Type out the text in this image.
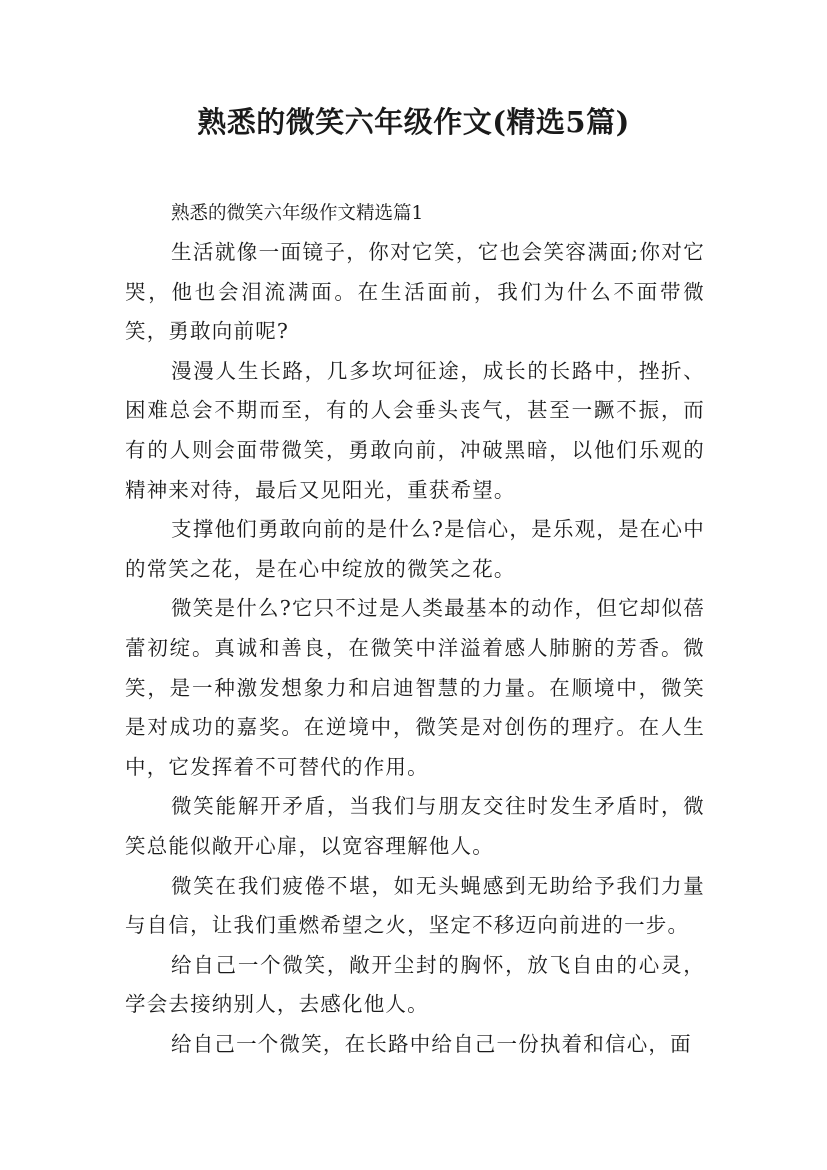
熟悉的微笑六年级作文(精选5篇)
熟悉的微笑六年级作文精选篇1

生活就像一面镜子，你对它笑，它也会笑容满面;你对它哭，他也会泪流满面。在生活面前，我们为什么不面带微笑，勇敢向前呢?

漫漫人生长路，几多坎坷征途，成长的长路中，挫折、困难总会不期而至，有的人会垂头丧气，甚至一蹶不振，而有的人则会面带微笑，勇敢向前，冲破黑暗，以他们乐观的精神来对待，最后又见阳光，重获希望。

支撑他们勇敢向前的是什么?是信心，是乐观，是在心中的常笑之花，是在心中绽放的微笑之花。

微笑是什么?它只不过是人类最基本的动作，但它却似蓓蕾初绽。真诚和善良，在微笑中洋溢着感人肺腑的芳香。微笑，是一种激发想象力和启迪智慧的力量。在顺境中，微笑是对成功的嘉奖。在逆境中，微笑是对创伤的理疗。在人生中，它发挥着不可替代的作用。

微笑能解开矛盾，当我们与朋友交往时发生矛盾时，微笑总能似敞开心扉，以宽容理解他人。

微笑在我们疲倦不堪，如无头蝇感到无助给予我们力量与自信，让我们重燃希望之火，坚定不移迈向前进的一步。

给自己一个微笑，敞开尘封的胸怀，放飞自由的心灵，学会去接纳别人，去感化他人。

给自己一个微笑，在长路中给自己一份执着和信心，面
